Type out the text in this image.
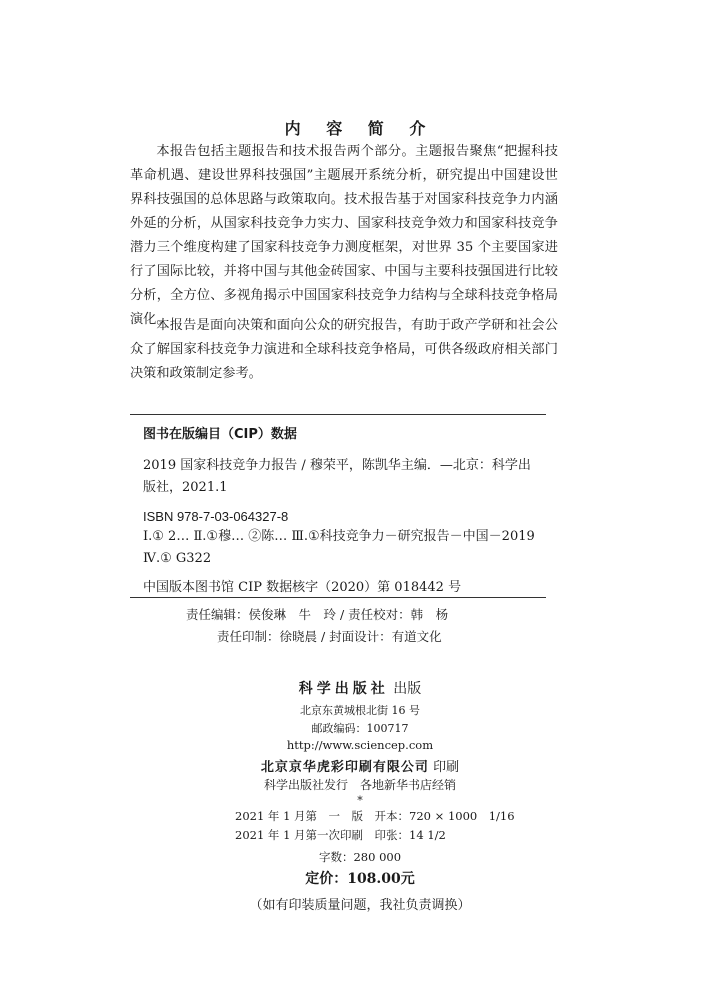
内 容 简 介

本报告包括主题报告和技术报告两个部分。主题报告聚焦“把握科技革命机遇、建设世界科技强国”主题展开系统分析，研究提出中国建设世界科技强国的总体思路与政策取向。技术报告基于对国家科技竞争力内涵外延的分析，从国家科技竞争力实力、国家科技竞争效力和国家科技竞争潜力三个维度构建了国家科技竞争力测度框架，对世界 35 个主要国家进行了国际比较，并将中国与其他金砖国家、中国与主要科技强国进行比较分析，全方位、多视角揭示中国国家科技竞争力结构与全球科技竞争格局演化。

本报告是面向决策和面向公众的研究报告，有助于政产学研和社会公众了解国家科技竞争力演进和全球科技竞争格局，可供各级政府相关部门决策和政策制定参考。

图书在版编目（CIP）数据
2019 国家科技竞争力报告 / 穆荣平，陈凯华主编．—北京：科学出版社，2021.1
ISBN 978-7-03-064327-8
Ⅰ.① 2… Ⅱ.①穆… ②陈… Ⅲ.①科技竞争力－研究报告－中国－2019 Ⅳ.① G322
中国版本图书馆 CIP 数据核字（2020）第 018442 号
责任编辑：侯俊琳　牛　玲 / 责任校对：韩　杨
责任印制：徐晓晨 / 封面设计：有道文化
科学出版社 出版
北京东黄城根北街 16 号
邮政编码：100717
http://www.sciencep.com
北京京华虎彩印刷有限公司 印刷
科学出版社发行　各地新华书店经销
*
2021 年 1 月第　一　版　开本：720 × 1000　1/16
2021 年 1 月第一次印刷　印张：14 1/2
字数：280 000
定价：108.00元
（如有印装质量问题，我社负责调换）
